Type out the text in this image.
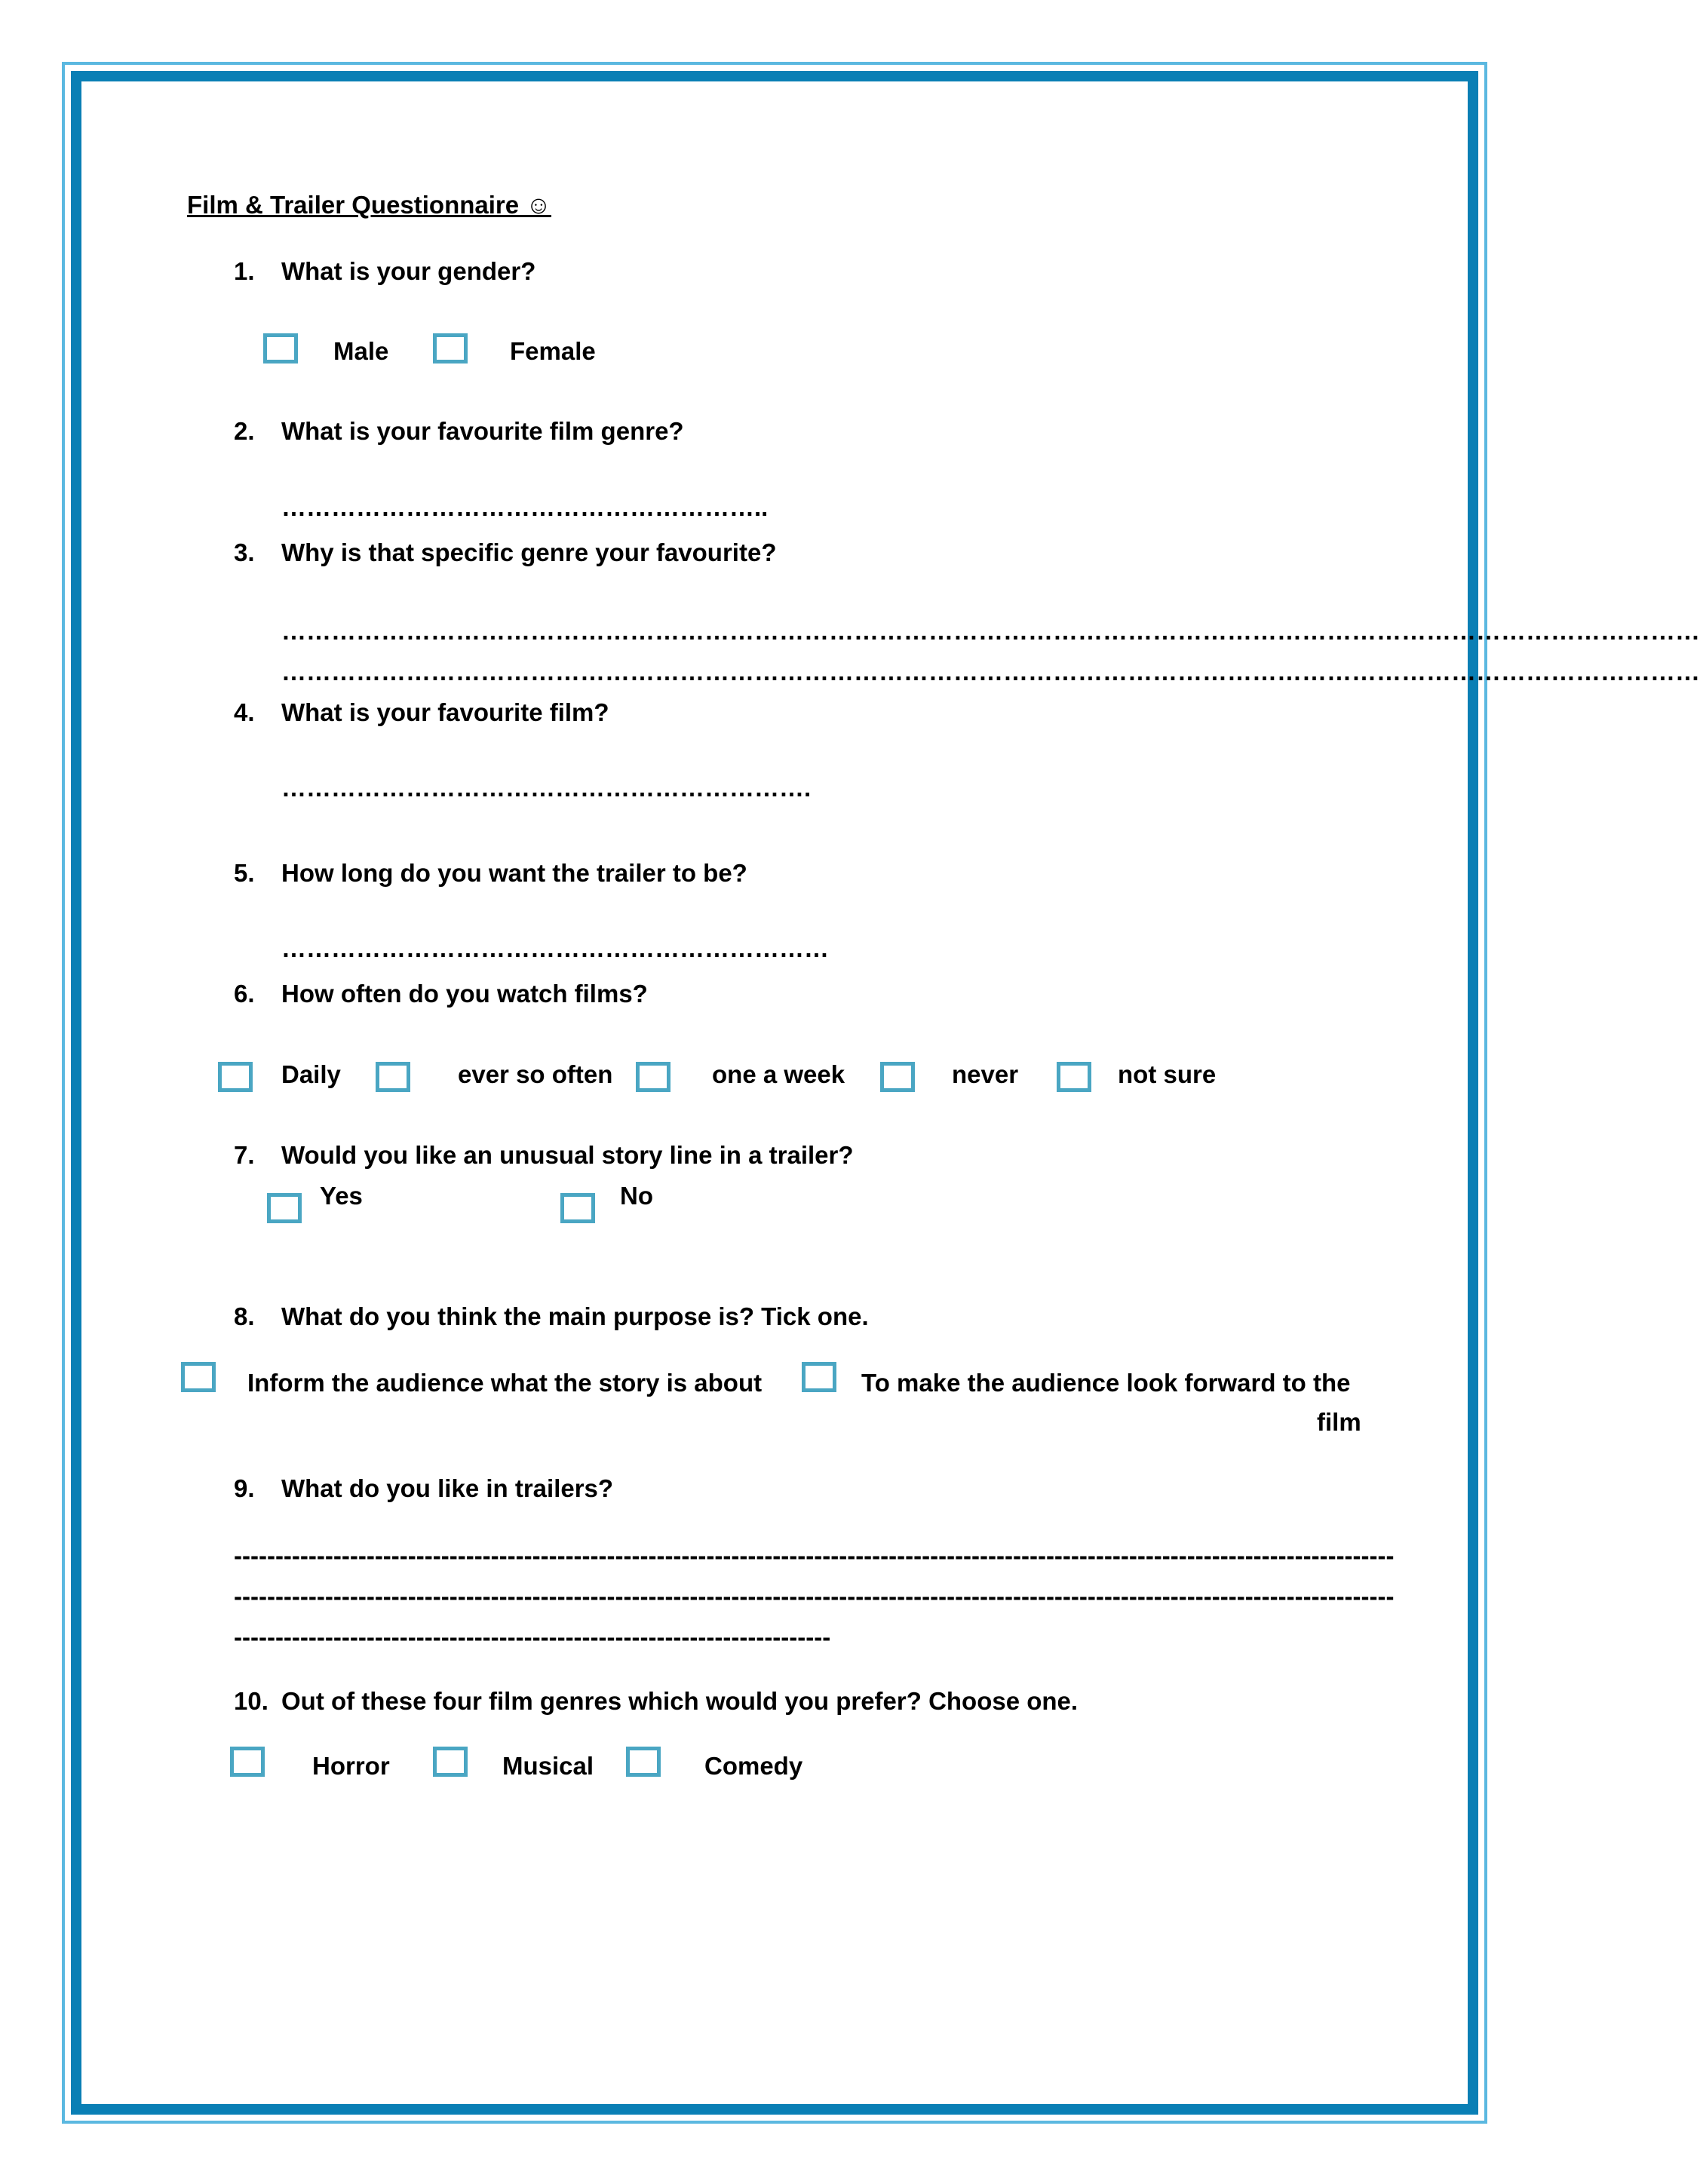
Film & Trailer Questionnaire ☺
1. What is your gender?
Male	Female
2. What is your favourite film genre?
…………………………………………………..
3. Why is that specific genre your favourite?
………………………………………………………………………………………………………………………………………………………
………………………………………………………………………………………………………………………………………………………
4. What is your favourite film?
……………………………………………………….
5. How long do you want the trailer to be?
…………………………………………………………
6. How often do you watch films?
Daily	ever so often	one a week	never	not sure
7. Would you like an unusual story line in a trailer?
Yes	No
8. What do you think the main purpose is? Tick one.
Inform the audience what the story is about	To make the audience look forward to the
film
9. What do you like in trailers?
--------------------------------------------------------------------------------------------------------------------------------------------
--------------------------------------------------------------------------------------------------------------------------------------------
------------------------------------------------------------------------
10. Out of these four film genres which would you prefer? Choose one.
Horror	Musical	Comedy
